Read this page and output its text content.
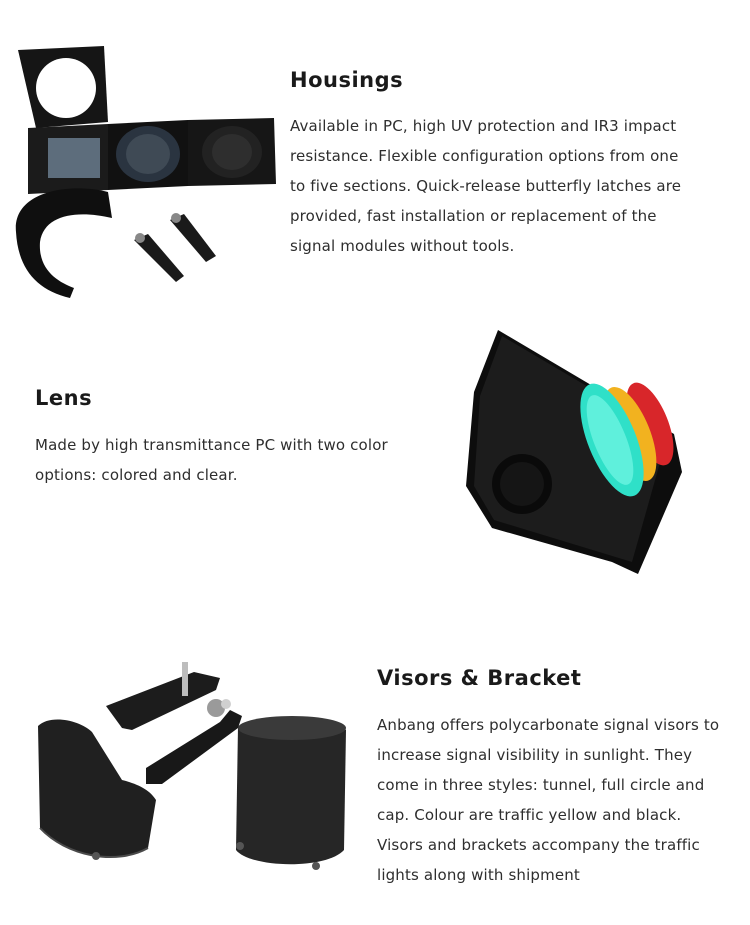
Housings

Available in PC, high UV protection and IR3 impact
resistance. Flexible configuration options from one
to five sections. Quick-release butterfly latches are
provided, fast installation or replacement of the
signal modules without tools.

Lens

Made by high transmittance PC with two color
options: colored and clear.

Visors & Bracket

Anbang offers polycarbonate signal visors to
increase signal visibility in sunlight. They
come in three styles: tunnel, full circle and
cap. Colour are traffic yellow and black.
Visors and brackets accompany the traffic
lights along with shipment
